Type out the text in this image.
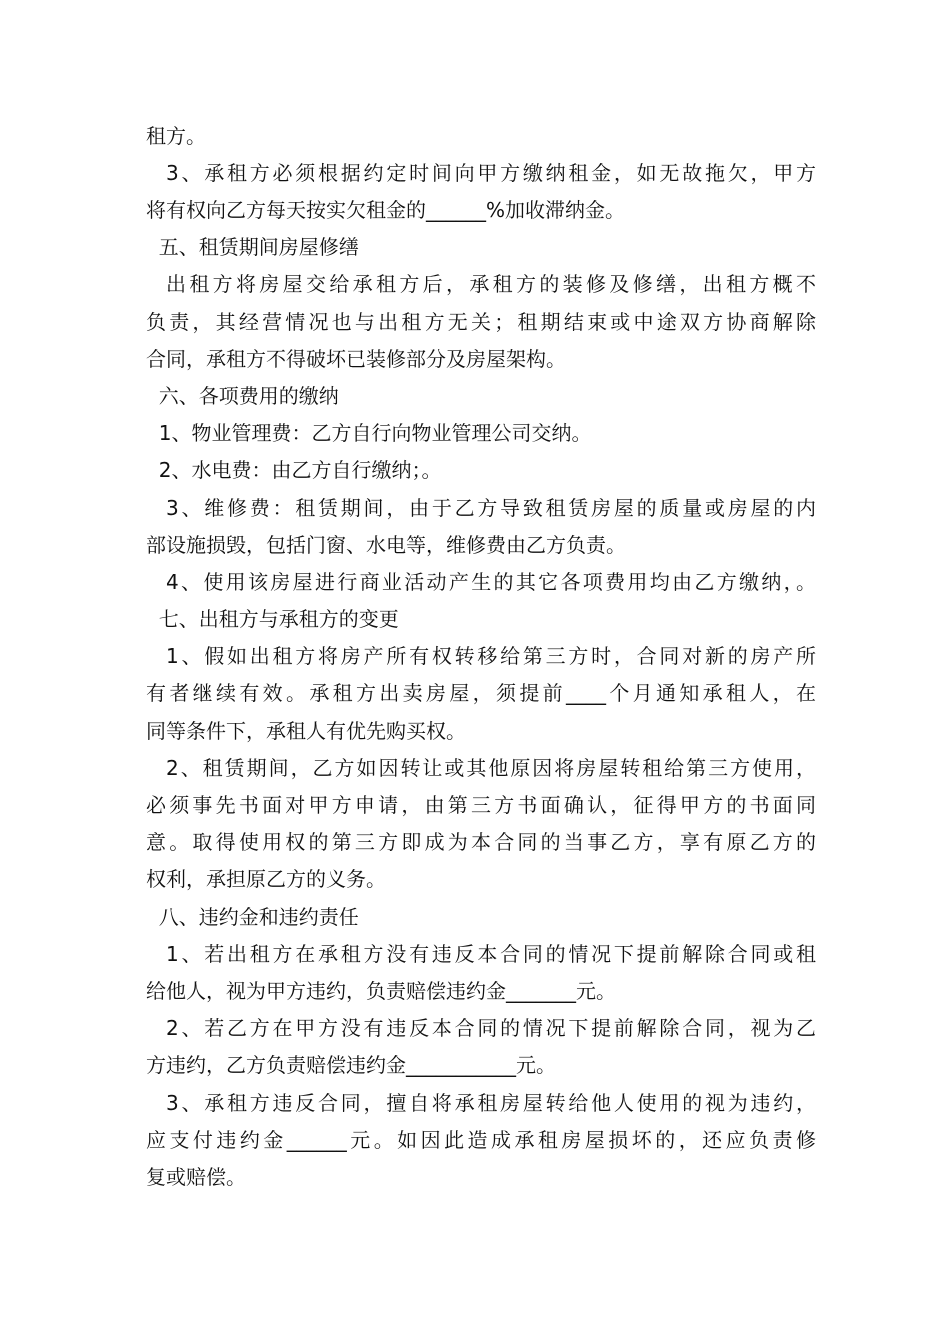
租方。
3、承租方必须根据约定时间向甲方缴纳租金，如无故拖欠，甲方
将有权向乙方每天按实欠租金的______%加收滞纳金。
五、租赁期间房屋修缮
出租方将房屋交给承租方后，承租方的装修及修缮，出租方概不
负责，其经营情况也与出租方无关；租期结束或中途双方协商解除
合同，承租方不得破坏已装修部分及房屋架构。
六、各项费用的缴纳
1、物业管理费：乙方自行向物业管理公司交纳。
2、水电费：由乙方自行缴纳；。
3、维修费：租赁期间，由于乙方导致租赁房屋的质量或房屋的内
部设施损毁，包括门窗、水电等，维修费由乙方负责。
4、使用该房屋进行商业活动产生的其它各项费用均由乙方缴纳，。
七、出租方与承租方的变更
1、假如出租方将房产所有权转移给第三方时，合同对新的房产所
有者继续有效。承租方出卖房屋，须提前____个月通知承租人，在
同等条件下，承租人有优先购买权。
2、租赁期间，乙方如因转让或其他原因将房屋转租给第三方使用，
必须事先书面对甲方申请，由第三方书面确认，征得甲方的书面同
意。取得使用权的第三方即成为本合同的当事乙方，享有原乙方的
权利，承担原乙方的义务。
八、违约金和违约责任
1、若出租方在承租方没有违反本合同的情况下提前解除合同或租
给他人，视为甲方违约，负责赔偿违约金_______元。
2、若乙方在甲方没有违反本合同的情况下提前解除合同，视为乙
方违约，乙方负责赔偿违约金___________元。
3、承租方违反合同，擅自将承租房屋转给他人使用的视为违约，
应支付违约金______元。如因此造成承租房屋损坏的，还应负责修
复或赔偿。
